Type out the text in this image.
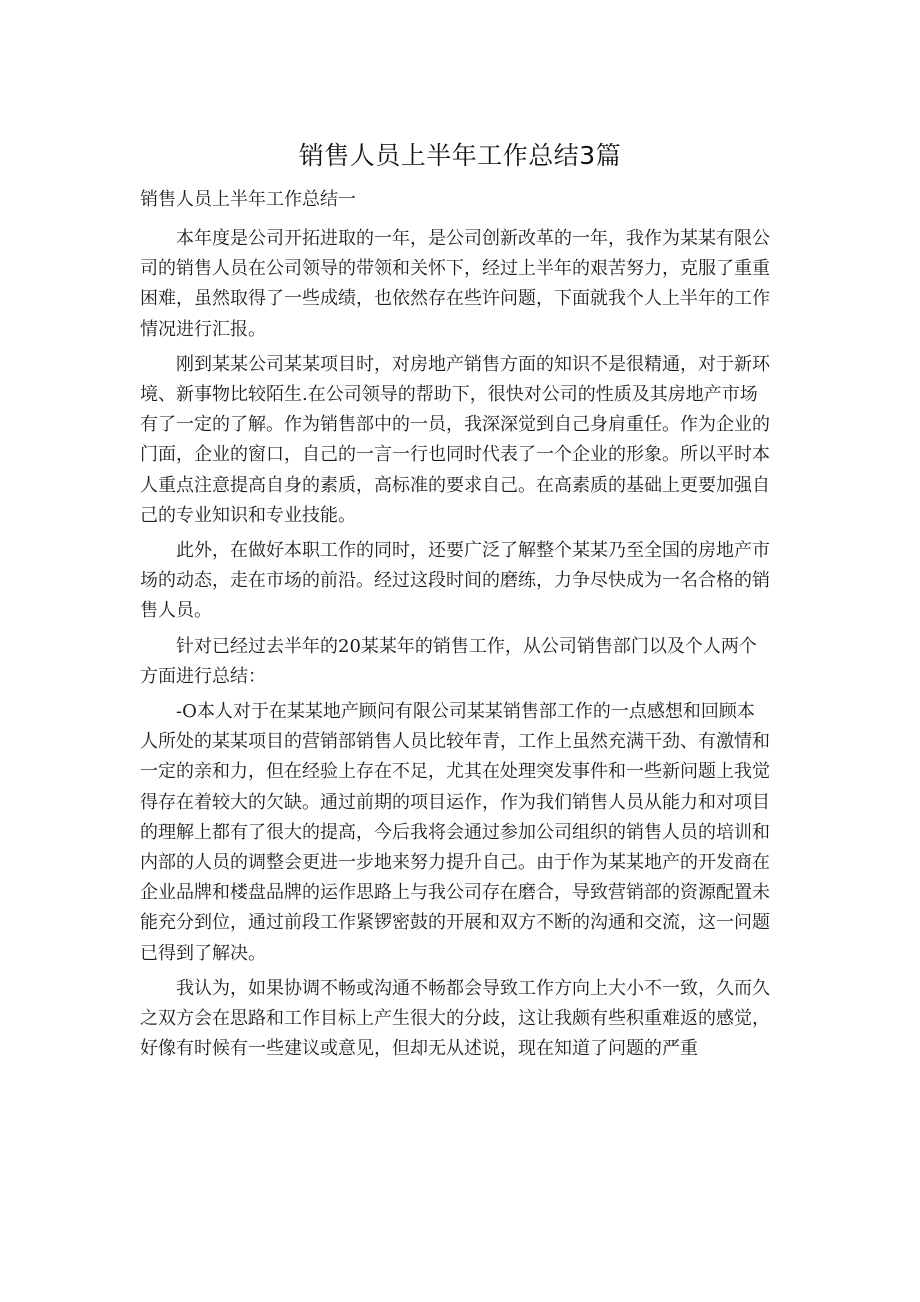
销售人员上半年工作总结3篇
销售人员上半年工作总结一
本年度是公司开拓进取的一年，是公司创新改革的一年，我作为某某有限公
司的销售人员在公司领导的带领和关怀下，经过上半年的艰苦努力，克服了重重
困难，虽然取得了一些成绩，也依然存在些许问题，下面就我个人上半年的工作
情况进行汇报。
刚到某某公司某某项目时，对房地产销售方面的知识不是很精通，对于新环
境、新事物比较陌生.在公司领导的帮助下，很快对公司的性质及其房地产市场
有了一定的了解。作为销售部中的一员，我深深觉到自己身肩重任。作为企业的
门面，企业的窗口，自己的一言一行也同时代表了一个企业的形象。所以平时本
人重点注意提高自身的素质，高标准的要求自己。在高素质的基础上更要加强自
己的专业知识和专业技能。
此外，在做好本职工作的同时，还要广泛了解整个某某乃至全国的房地产市
场的动态，走在市场的前沿。经过这段时间的磨练，力争尽快成为一名合格的销
售人员。
针对已经过去半年的20某某年的销售工作，从公司销售部门以及个人两个
方面进行总结：
-O本人对于在某某地产顾问有限公司某某销售部工作的一点感想和回顾本
人所处的某某项目的营销部销售人员比较年青，工作上虽然充满干劲、有激情和
一定的亲和力，但在经验上存在不足，尤其在处理突发事件和一些新问题上我觉
得存在着较大的欠缺。通过前期的项目运作，作为我们销售人员从能力和对项目
的理解上都有了很大的提高，今后我将会通过参加公司组织的销售人员的培训和
内部的人员的调整会更进一步地来努力提升自己。由于作为某某地产的开发商在
企业品牌和楼盘品牌的运作思路上与我公司存在磨合，导致营销部的资源配置未
能充分到位，通过前段工作紧锣密鼓的开展和双方不断的沟通和交流，这一问题
已得到了解决。
我认为，如果协调不畅或沟通不畅都会导致工作方向上大小不一致，久而久
之双方会在思路和工作目标上产生很大的分歧，这让我颇有些积重难返的感觉，
好像有时候有一些建议或意见，但却无从述说，现在知道了问题的严重
